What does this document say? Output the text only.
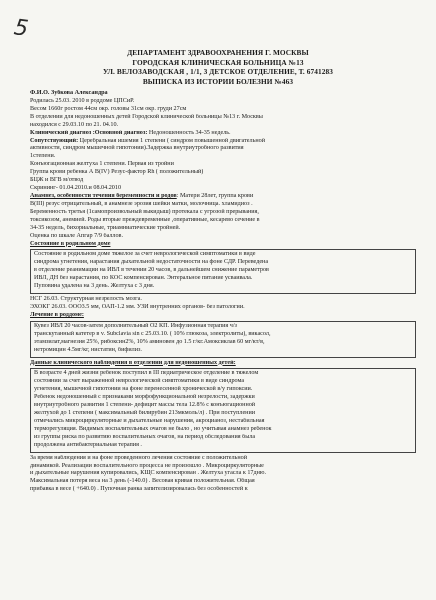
5
ДЕПАРТАМЕНТ ЗДРАВООХРАНЕНИЯ Г. МОСКВЫ
ГОРОДСКАЯ КЛИНИЧЕСКАЯ БОЛЬНИЦА №13
УЛ. ВЕЛОЗАВОДСКАЯ , 1/1, 3 ДЕТСКОЕ ОТДЕЛЕНИЕ, Т. 6741283
ВЫПИСКА ИЗ ИСТОРИИ БОЛЕЗНИ №463
Ф.И.О. Зубкова Александра
Родилась 25.03. 2010 в роддоме ЦПСиР.
Весом 1660г ростом 44см окр. головы 31см окр. груди 27см
В отделении для недоношенных детей Городской клинической больницы №13 г. Москвы
находился с 29.03.10 по 21. 04.10.
Клинический диагноз :Основной диагноз: Недоношенность 34-35 недель.
Сопутствующий: Церебральная ишемия 1 степени ( синдром повышенной двигательной
активности, синдром мышечной гипотонии).Задержка внутриутробного развития
1степени.
Конъюгационная желтуха 1 степени. Первая из тройни
Группа крови ребенка А В(IV) Резус-фактор Rh ( положительный)
БЦЖ и ВГВ м/отвод
Скрининг- 01.04.2010.и 08.04.2010
Анамнез, особенности течения беременности и родов: Матери 28лет, группа крови
В(III) резус отрицательный, в анамнезе эрозия шейки матки, молочница. хламидиоз .
Беременность третья (1самопроизвольный выкидыш) протекала с угрозой прерывания,
токсикозом, анемией. Роды вторые преждевременные ,оперативные, кесарево сечение в
34-35 недель, бихориальные, триамниатические тройней.
Оценка по шкале Апгар 7/9 баллов.
Состояние в родильном доме
Состояние в родильном доме тяжелое за счет неврологической симптоматики в виде
синдрома угнетения, нарастания дыхательной недостаточности на фоне СДР. Переведена
в отделение реанимации на ИВЛ в течении 20 часов, в дальнейшем снижение параметров
ИВЛ, ДН без нарастания, по КОС компенсирован. Энтеральное питание усваивала.
Пуповина удалена на 3 день. Желтуха с 3 дня.
НСГ 26.03. Структурная незрелость мозга.
ЭХОКГ 26.03. ООО3.5 мм, ОАП-1.2 мм. УЗИ внутренних органов- без патологии.
Лечение в роддоме:
Кувез ИВЛ 20 часов-затем дополнительный О2 КП. Инфузионная терапия ч/з
транскутанный катетер в v. Subclavia sin с 25.03.10. ( 10% глюкоза, электролиты), викасол,
этамзилат,магнезия 25%, рибоксин2%, 10% аминовен до 1.5 г/кг.Амоксиклав 60 мг/кт/в,
нетромицин 4.5мг/кг, нистатин, бифилиз.
Данные клинического наблюдения в отделении для недоношенных детей:
В возрасте 4 дней жизни ребенок поступил в III педиатрическое отделение в тяжелом
состоянии за счет выраженной неврологической симптоматики в виде синдрома
угнетения, мышечной гипотонии на фоне перенесенной хронической в/у гипоксии.
Ребенок недоношенный с признаками морфофункциональной незрелости, задержки
внутриутробного развития 1 степени- дефицит массы тела 12.8% с конъюгационной
желтухой до 1 степени ( максимальный билирубин 213мкмоль/л) . При поступлении
отмечались микроциркуляторные и дыхательные нарушения, акроцианоз, нестабильная
терморегуляция. Видимых воспалительных очагов не было , но учитывая анамнез ребенок
из группы риска по развитию воспалительных очагов, на период обследования была
продолжена антибактериальная терапия .
За время наблюдения и на фоне проведенного лечения состояние с положительной
динамикой. Реализации воспалительного процесса не произошло . Микроциркуляторные
и дыхательные нарушения купировались, КЩС компенсирован . Желтуха угасла к 17дню.
Максимальная потеря веса на 3 день (-140.0) . Весовая кривая положительная. Общая
прибавка в весе ( +640.0) . Пупочная ранка запителизировалась без особенностей к
